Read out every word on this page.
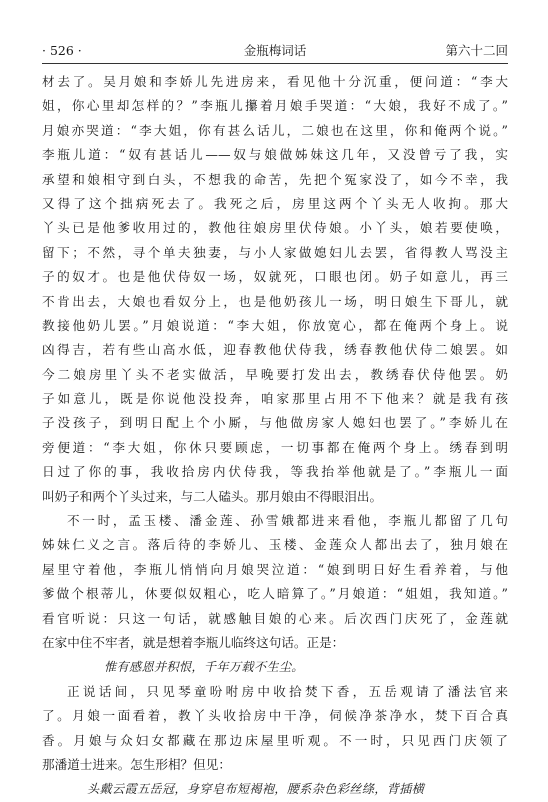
· 526 ·	金瓶梅词话	第六十二回
材去了。吴月娘和李娇儿先进房来，看见他十分沉重，便问道：“李大
姐，你心里却怎样的？”李瓶儿攥着月娘手哭道：“大娘，我好不成了。”
月娘亦哭道：“李大姐，你有甚么话儿，二娘也在这里，你和俺两个说。”
李瓶儿道：“奴有甚话儿——奴与娘做姊妹这几年，又没曾亏了我，实
承望和娘相守到白头，不想我的命苦，先把个冤家没了，如今不幸，我
又得了这个拙病死去了。我死之后，房里这两个丫头无人收拘。那大
丫头已是他爹收用过的，教他往娘房里伏侍娘。小丫头，娘若要使唤，
留下；不然，寻个单夫独妻，与小人家做媳妇儿去罢，省得教人骂没主
子的奴才。也是他伏侍奴一场，奴就死，口眼也闭。奶子如意儿，再三
不肯出去，大娘也看奴分上，也是他奶孩儿一场，明日娘生下哥儿，就
教接他奶儿罢。”月娘说道：“李大姐，你放宽心，都在俺两个身上。说
凶得吉，若有些山高水低，迎春教他伏侍我，绣春教他伏侍二娘罢。如
今二娘房里丫头不老实做活，早晚要打发出去，教绣春伏侍他罢。奶
子如意儿，既是你说他没投奔，咱家那里占用不下他来？就是我有孩
子没孩子，到明日配上个小厮，与他做房家人媳妇也罢了。”李娇儿在
旁便道：“李大姐，你休只要顾虑，一切事都在俺两个身上。绣春到明
日过了你的事，我收拾房内伏侍我，等我抬举他就是了。”李瓶儿一面
叫奶子和两个丫头过来，与二人磕头。那月娘由不得眼泪出。
不一时，孟玉楼、潘金莲、孙雪娥都进来看他，李瓶儿都留了几句
姊妹仁义之言。落后待的李娇儿、玉楼、金莲众人都出去了，独月娘在
屋里守着他，李瓶儿悄悄向月娘哭泣道：“娘到明日好生看养着，与他
爹做个根蒂儿，休要似奴粗心，吃人暗算了。”月娘道：“姐姐，我知道。”
看官听说：只这一句话，就感触目娘的心来。后次西门庆死了，金莲就
在家中住不牢者，就是想着李瓶儿临终这句话。正是：
惟有感恩并积恨，千年万载不生尘。
正说话间，只见琴童吩咐房中收拾焚下香，五岳观请了潘法官来
了。月娘一面看着，教丫头收拾房中干净，伺候净茶净水，焚下百合真
香。月娘与众妇女都藏在那边床屋里听观。不一时，只见西门庆领了
那潘道士进来。怎生形相？但见：
头戴云霞五岳冠，身穿皂布短褐袍，腰系杂色彩丝绦，背插横
